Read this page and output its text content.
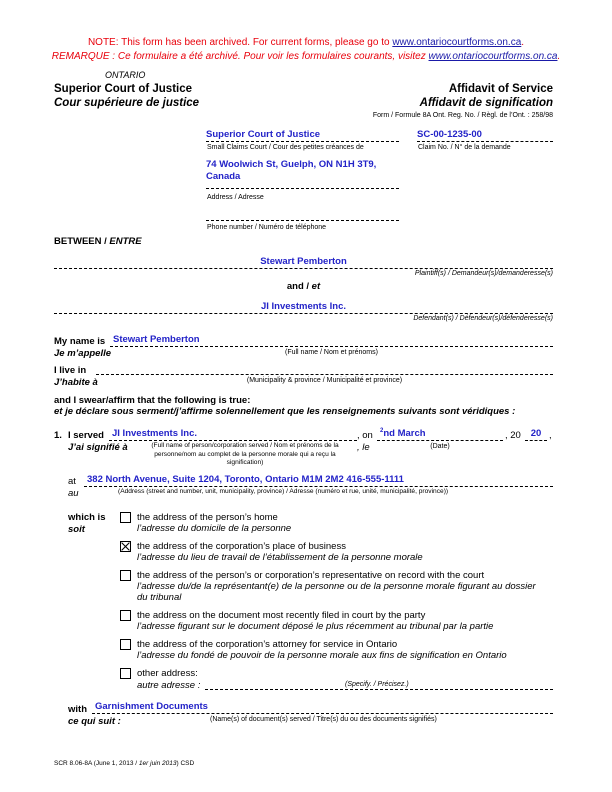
NOTE: This form has been archived. For current forms, please go to www.ontariocourtforms.on.ca.
REMARQUE : Ce formulaire a été archivé. Pour voir les formulaires courants, visitez www.ontariocourtforms.on.ca.
ONTARIO
Superior Court of Justice
Cour supérieure de justice
Affidavit of Service
Affidavit de signification
Form / Formule 8A Ont. Reg. No. / Règl. de l’Ont. : 258/98
Superior Court of Justice
Small Claims Court / Cour des petites créances de
SC-00-1235-00
Claim No. / N° de la demande
74 Woolwich St, Guelph, ON N1H 3T9, Canada
Address / Adresse
Phone number / Numéro de téléphone
BETWEEN / ENTRE
Stewart Pemberton
Plaintiff(s) / Demandeur(s)/demanderesse(s)
and / et
JI Investments Inc.
Defendant(s) / Défendeur(s)/défenderesse(s)
My name is
Je m’appelle
Stewart Pemberton
(Full name / Nom et prénoms)
I live in
J’habite à	(Municipality & province / Municipalité et province)
and I swear/affirm that the following is true:
et je déclare sous serment/j’affirme solennellement que les renseignements suivants sont véridiques :
1. I served
J’ai signifié à
JI Investments Inc.
(Full name of person/corporation served / Nom et prénoms de la personne/nom au complet de la personne morale qui a reçu la signification)
, on
, le
$^2$nd March
(Date)
, 20	20 ,
at
au
382 North Avenue, Suite 1204, Toronto, Ontario M1M 2M2 416-555-1111
(Address (street and number, unit, municipality, province) / Adresse (numéro et rue, unité, municipalité, province))
which is
soit
the address of the person’s home
l’adresse du domicile de la personne
the address of the corporation’s place of business
l’adresse du lieu de travail de l’établissement de la personne morale
the address of the person’s or corporation’s representative on record with the court
l’adresse du/de la représentant(e) de la personne ou de la personne morale figurant au dossier du tribunal
the address on the document most recently filed in court by the party
l’adresse figurant sur le document déposé le plus récemment au tribunal par la partie
the address of the corporation’s attorney for service in Ontario
l’adresse du fondé de pouvoir de la personne morale aux fins de signification en Ontario
other address:
autre adresse :	(Specify. / Précisez.)
with
ce qui suit :
Garnishment Documents
(Name(s) of document(s) served / Titre(s) du ou des documents signifiés)
SCR 8.06-8A (June 1, 2013 / 1er juin 2013) CSD
